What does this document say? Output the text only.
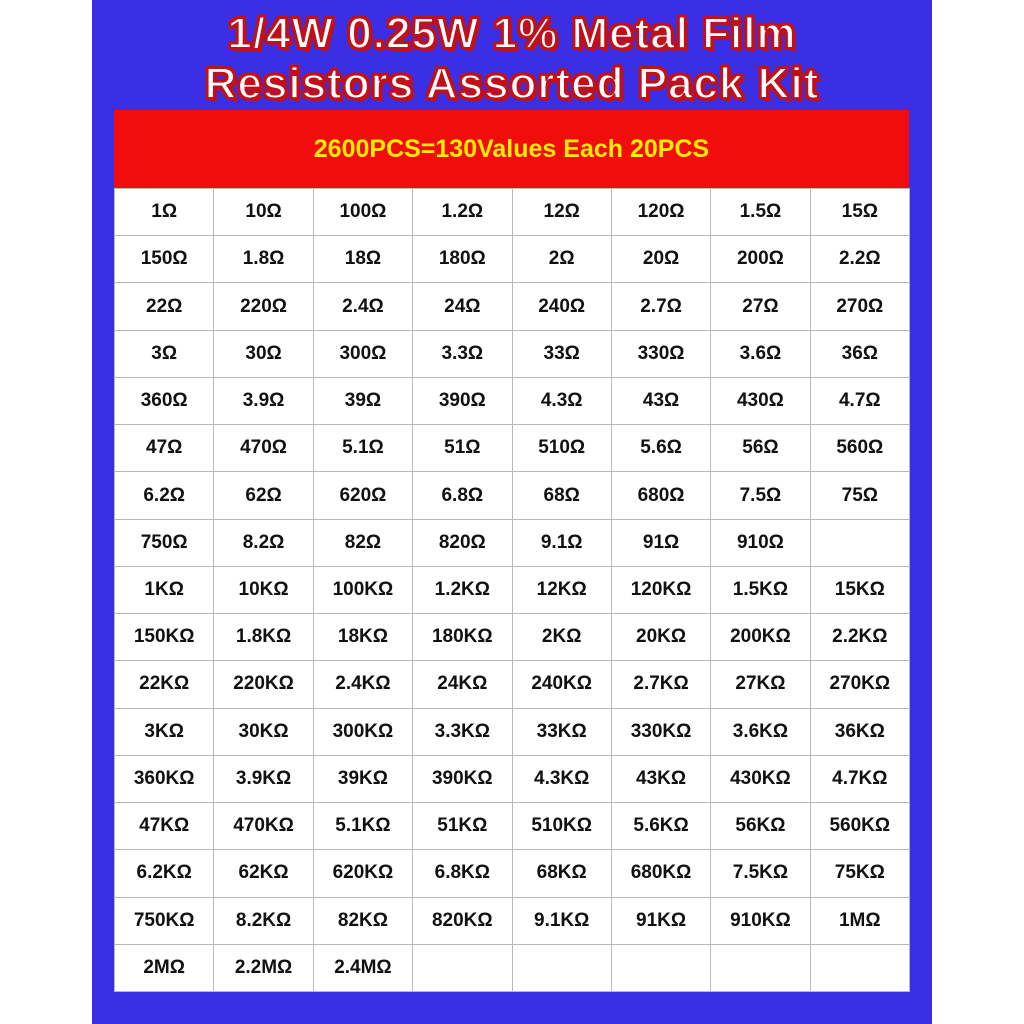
1/4W 0.25W 1% Metal Film
Resistors Assorted Pack Kit
2600PCS=130Values Each 20PCS
1Ω	10Ω	100Ω	1.2Ω	12Ω	120Ω	1.5Ω	15Ω
150Ω	1.8Ω	18Ω	180Ω	2Ω	20Ω	200Ω	2.2Ω
22Ω	220Ω	2.4Ω	24Ω	240Ω	2.7Ω	27Ω	270Ω
3Ω	30Ω	300Ω	3.3Ω	33Ω	330Ω	3.6Ω	36Ω
360Ω	3.9Ω	39Ω	390Ω	4.3Ω	43Ω	430Ω	4.7Ω
47Ω	470Ω	5.1Ω	51Ω	510Ω	5.6Ω	56Ω	560Ω
6.2Ω	62Ω	620Ω	6.8Ω	68Ω	680Ω	7.5Ω	75Ω
750Ω	8.2Ω	82Ω	820Ω	9.1Ω	91Ω	910Ω	
1KΩ	10KΩ	100KΩ	1.2KΩ	12KΩ	120KΩ	1.5KΩ	15KΩ
150KΩ	1.8KΩ	18KΩ	180KΩ	2KΩ	20KΩ	200KΩ	2.2KΩ
22KΩ	220KΩ	2.4KΩ	24KΩ	240KΩ	2.7KΩ	27KΩ	270KΩ
3KΩ	30KΩ	300KΩ	3.3KΩ	33KΩ	330KΩ	3.6KΩ	36KΩ
360KΩ	3.9KΩ	39KΩ	390KΩ	4.3KΩ	43KΩ	430KΩ	4.7KΩ
47KΩ	470KΩ	5.1KΩ	51KΩ	510KΩ	5.6KΩ	56KΩ	560KΩ
6.2KΩ	62KΩ	620KΩ	6.8KΩ	68KΩ	680KΩ	7.5KΩ	75KΩ
750KΩ	8.2KΩ	82KΩ	820KΩ	9.1KΩ	91KΩ	910KΩ	1MΩ
2MΩ	2.2MΩ	2.4MΩ					
